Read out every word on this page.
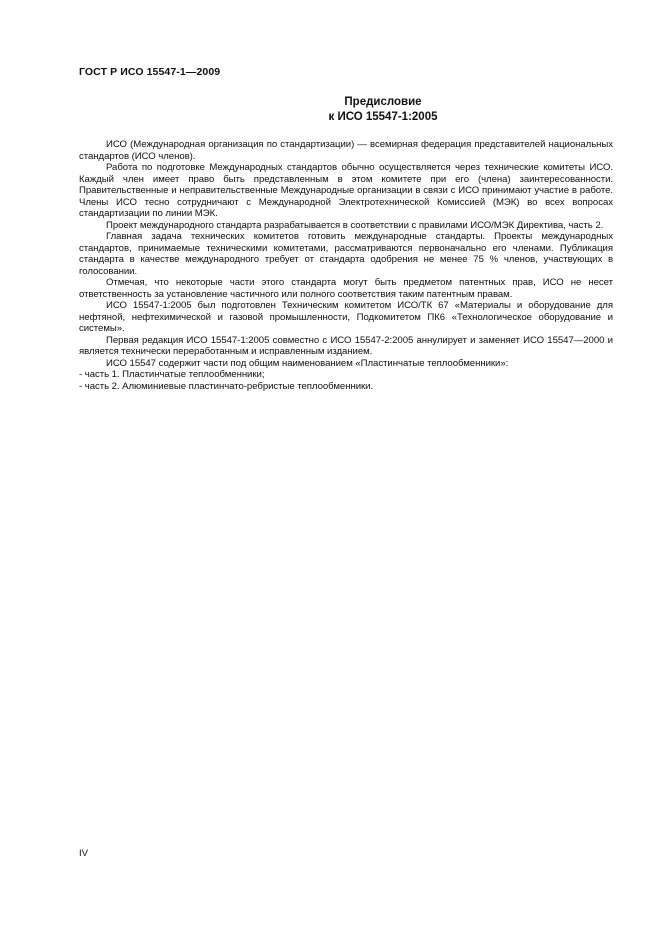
ГОСТ Р ИСО 15547-1—2009
Предисловие
к ИСО 15547-1:2005

ИСО (Международная организация по стандартизации) — всемирная федерация представителей национальных стандартов (ИСО членов).

Работа по подготовке Международных стандартов обычно осуществляется через технические комитеты ИСО. Каждый член имеет право быть представленным в этом комитете при его (члена) заинтересованности. Правительственные и неправительственные Международные организации в связи с ИСО принимают участие в работе. Члены ИСО тесно сотрудничают с Международной Электротехнической Комиссией (МЭК) во всех вопросах стандартизации по линии МЭК.

Проект международного стандарта разрабатывается в соответствии с правилами ИСО/МЭК Директива, часть 2.

Главная задача технических комитетов готовить международные стандарты. Проекты международных стандартов, принимаемые техническими комитетами, рассматриваются первоначально его членами. Публикация стандарта в качестве международного требует от стандарта одобрения не менее 75 % членов, участвующих в голосовании.

Отмечая, что некоторые части этого стандарта могут быть предметом патентных прав, ИСО не несет ответственность за установление частичного или полного соответствия таким патентным правам.

ИСО 15547-1:2005 был подготовлен Техническим комитетом ИСО/ТК 67 «Материалы и оборудование для нефтяной, нефтехимической и газовой промышленности, Подкомитетом ПК6 «Технологическое оборудование и системы».

Первая редакция ИСО 15547-1:2005 совместно с ИСО 15547-2:2005 аннулирует и заменяет ИСО 15547—2000 и является технически переработанным и исправленным изданием.

ИСО 15547 содержит части под общим наименованием «Пластинчатые теплообменники»:

- часть 1. Пластинчатые теплообменники;

- часть 2. Алюминиевые пластинчато-ребристые теплообменники.

IV
